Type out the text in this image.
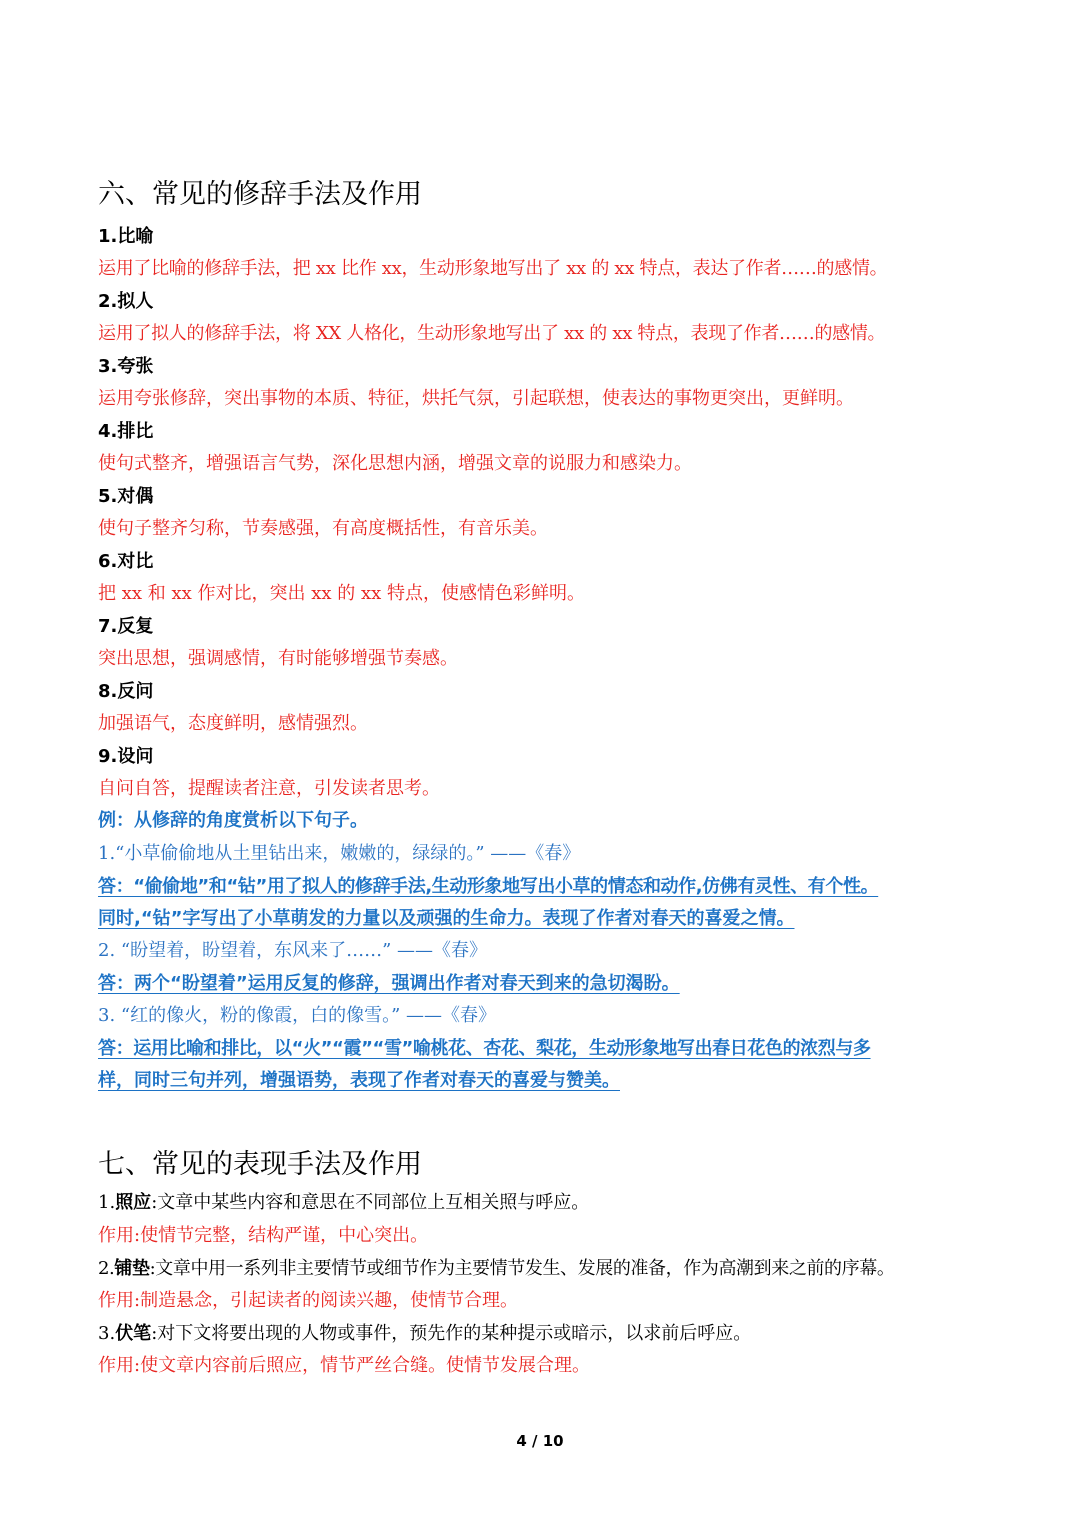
六、常见的修辞手法及作用
1.比喻
运用了比喻的修辞手法，把 xx 比作 xx，生动形象地写出了 xx 的 xx 特点，表达了作者……的感情。
2.拟人
运用了拟人的修辞手法，将 XX 人格化，生动形象地写出了 xx 的 xx 特点，表现了作者……的感情。
3.夸张
运用夸张修辞，突出事物的本质、特征，烘托气氛，引起联想，使表达的事物更突出，更鲜明。
4.排比
使句式整齐，增强语言气势，深化思想内涵，增强文章的说服力和感染力。
5.对偶
使句子整齐匀称，节奏感强，有高度概括性，有音乐美。
6.对比
把 xx 和 xx 作对比，突出 xx 的 xx 特点，使感情色彩鲜明。
7.反复
突出思想，强调感情，有时能够增强节奏感。
8.反问
加强语气，态度鲜明，感情强烈。
9.设问
自问自答，提醒读者注意，引发读者思考。
例：从修辞的角度赏析以下句子。
1.“小草偷偷地从土里钻出来，嫩嫩的，绿绿的。” ——《春》
答：“偷偷地”和“钻”用了拟人的修辞手法,生动形象地写出小草的情态和动作,仿佛有灵性、有个性。
同时,“钻”字写出了小草萌发的力量以及顽强的生命力。表现了作者对春天的喜爱之情。
2. “盼望着，盼望着，东风来了……” ——《春》
答：两个“盼望着”运用反复的修辞，强调出作者对春天到来的急切渴盼。
3. “红的像火，粉的像霞，白的像雪。” ——《春》
答：运用比喻和排比，以“火”“霞”“雪”喻桃花、杏花、梨花，生动形象地写出春日花色的浓烈与多
样，同时三句并列，增强语势，表现了作者对春天的喜爱与赞美。
七、常见的表现手法及作用
1.照应:文章中某些内容和意思在不同部位上互相关照与呼应。
作用:使情节完整，结构严谨，中心突出。
2.铺垫:文章中用一系列非主要情节或细节作为主要情节发生、发展的准备，作为高潮到来之前的序幕。
作用:制造悬念，引起读者的阅读兴趣，使情节合理。
3.伏笔:对下文将要出现的人物或事件，预先作的某种提示或暗示，以求前后呼应。
作用:使文章内容前后照应，情节严丝合缝。使情节发展合理。
4 / 10
